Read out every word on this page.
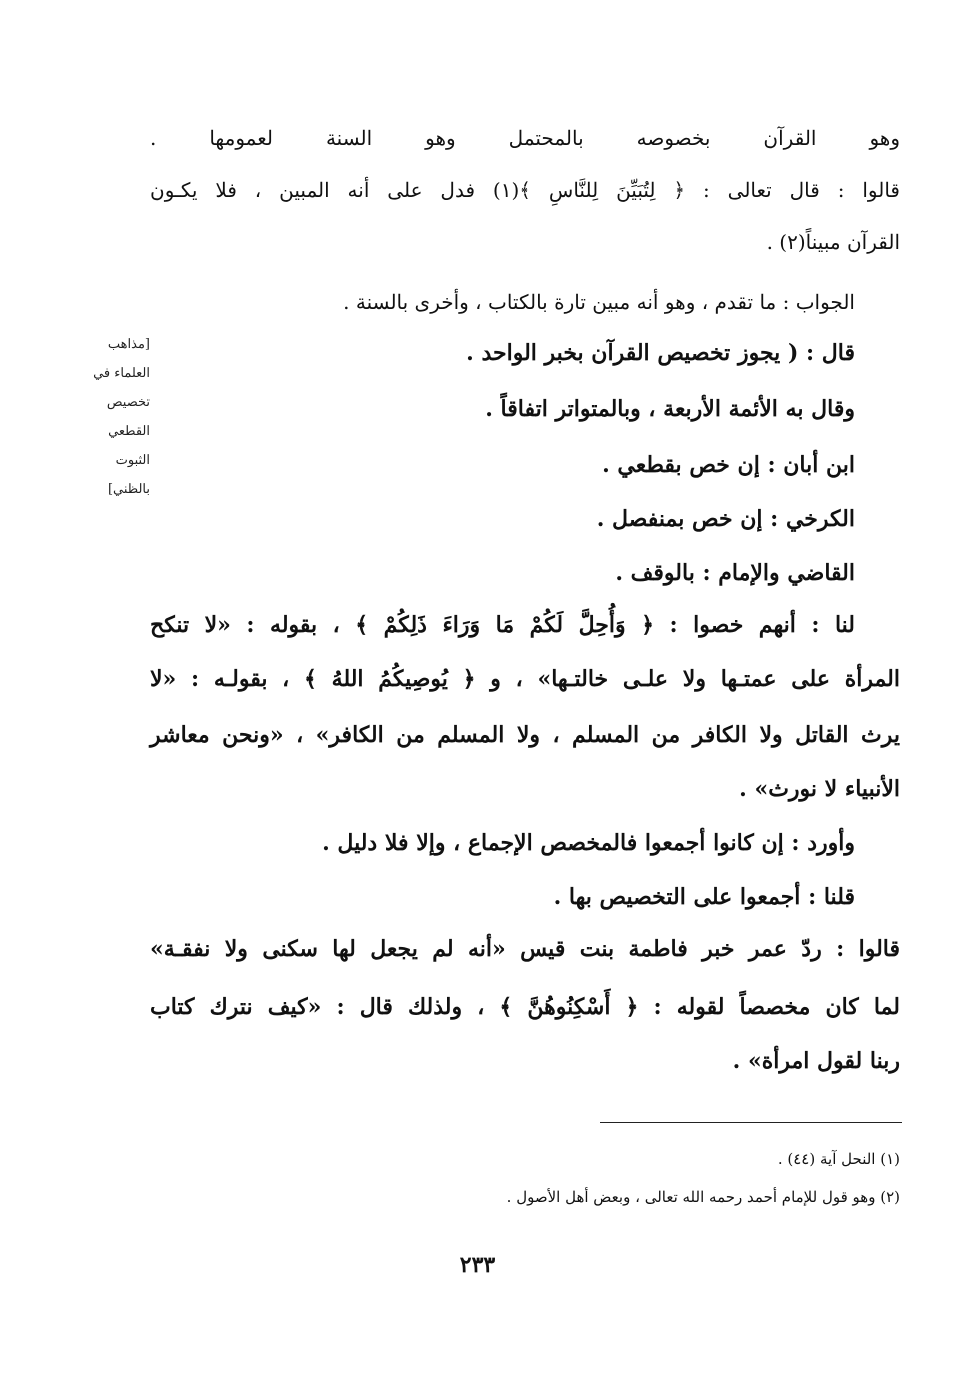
وهو القرآن بخصوصه بالمحتمل وهو السنة لعمومها .
قالوا : قال تعالى : ﴿ لِتُبَيِّنَ لِلنَّاسِ ﴾(١) فدل على أنه المبين ، فلا يكـون
القرآن مبيناً(٢) .
الجواب : ما تقدم ، وهو أنه مبين تارة بالكتاب ، وأخرى بالسنة .
قال : ( يجوز تخصيص القرآن بخبر الواحد .
وقال به الأئمة الأربعة ، وبالمتواتر اتفاقاً .
ابن أبان : إن خص بقطعي .
الكرخي : إن خص بمنفصل .
القاضي والإمام : بالوقف .
لنا : أنهم خصوا : ﴿ وَأُحِلَّ لَكُمْ مَا وَرَاءَ ذَلِكُمْ ﴾ ، بقوله : «لا تنكح
المرأة على عمتـها ولا علـى خالتـها» ، و ﴿ يُوصِيكُمُ اللهُ ﴾ ، بقولـه : «لا
يرث القاتل ولا الكافر من المسلم ، ولا المسلم من الكافر» ، «ونحن معاشر
الأنبياء لا نورث» .
وأورد : إن كانوا أجمعوا فالمخصص الإجماع ، وإلا فلا دليل .
قلنا : أجمعوا على التخصيص بها .
قالوا : ردّ عمر خبر فاطمة بنت قيس «أنه لم يجعل لها سكنى ولا نفقـة»
لما كان مخصصاً لقوله : ﴿ أَسْكِنُوهُنَّ ﴾ ، ولذلك قال : «كيف نترك كتاب
ربنا لقول امرأة» .
[مذاهب
العلماء في
تخصيص
القطعي
الثبوت
بالظني]
(١) النحل آية (٤٤) .
(٢) وهو قول للإمام أحمد رحمه الله تعالى ، وبعض أهل الأصول .
٢٣٣
